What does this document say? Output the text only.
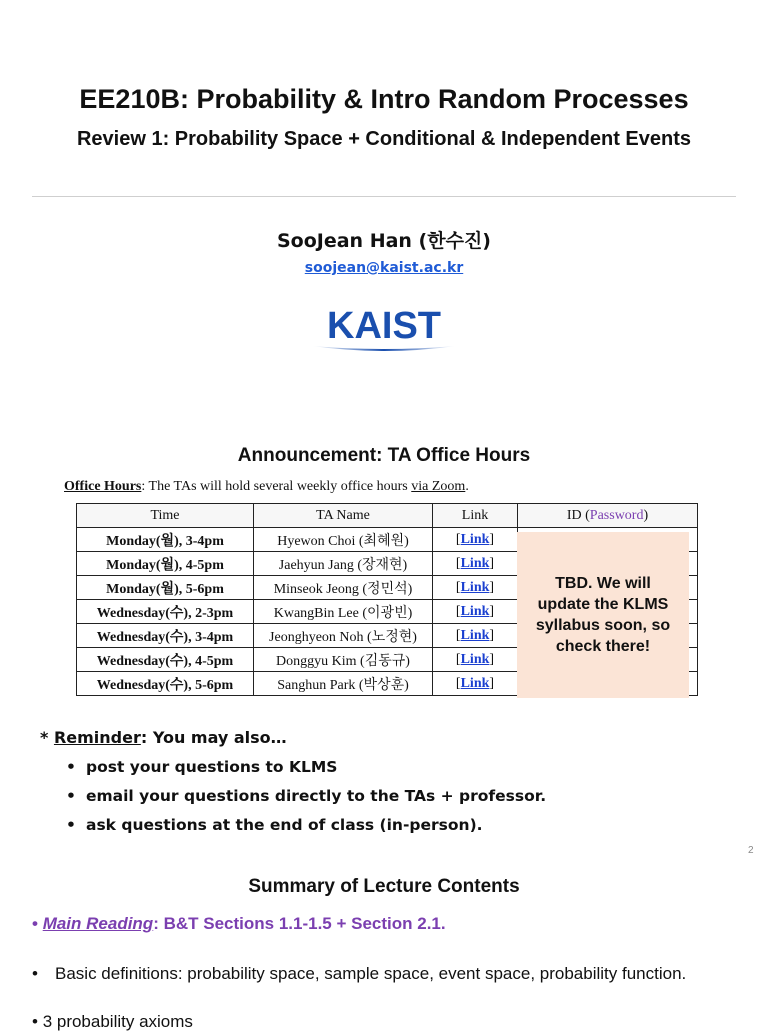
EE210B: Probability & Intro Random Processes
Review 1: Probability Space + Conditional & Independent Events
SooJean Han (한수진)
soojean@kaist.ac.kr
KAIST
Announcement: TA Office Hours
Office Hours: The TAs will hold several weekly office hours via Zoom.
Time	TA Name	Link	ID (Password)
Monday(월), 3-4pm	Hyewon Choi (최혜원)	[Link]	
Monday(월), 4-5pm	Jaehyun Jang (장재현)	[Link]	
Monday(월), 5-6pm	Minseok Jeong (정민석)	[Link]	
Wednesday(수), 2-3pm	KwangBin Lee (이광빈)	[Link]	
Wednesday(수), 3-4pm	Jeonghyeon Noh (노정현)	[Link]	
Wednesday(수), 4-5pm	Donggyu Kim (김동규)	[Link]	
Wednesday(수), 5-6pm	Sanghun Park (박상훈)	[Link]	
TBD. We will update the KLMS syllabus soon, so check there!
* Reminder: You may also…
• post your questions to KLMS
• email your questions directly to the TAs + professor.
• ask questions at the end of class (in-person).
2
Summary of Lecture Contents
• Main Reading: B&T Sections 1.1-1.5 + Section 2.1.
•	Basic definitions: probability space, sample space, event space, probability function.
• 3 probability axioms
